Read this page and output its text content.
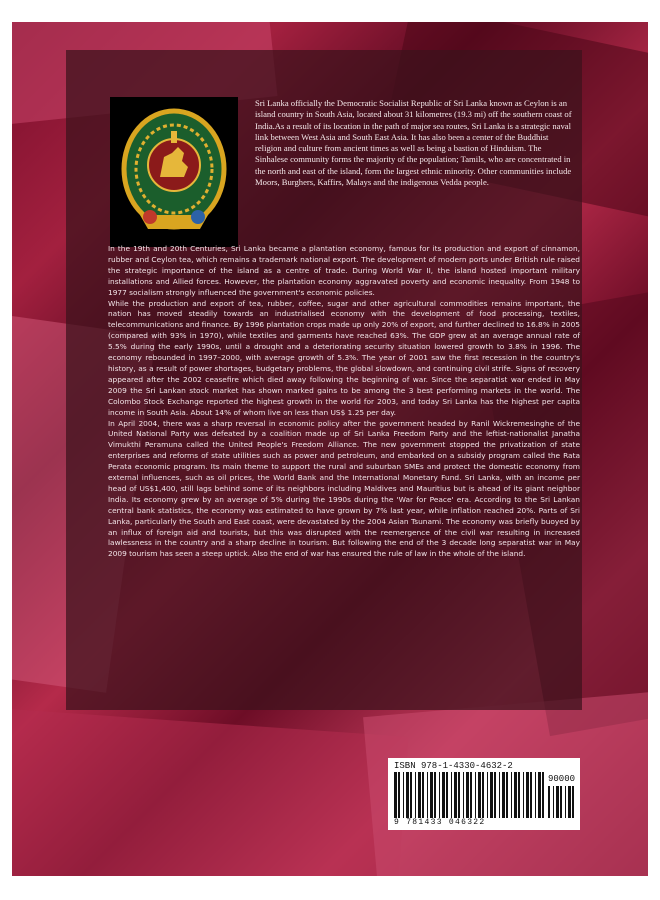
Sri Lanka officially the Democratic Socialist Republic of Sri Lanka known as Ceylon is an island country in South Asia, located about 31 kilometres (19.3 mi) off the southern coast of India.As a result of its location in the path of major sea routes, Sri Lanka is a strategic naval link between West Asia and South East Asia. It has also been a center of the Buddhist religion and culture from ancient times as well as being a bastion of Hinduism. The Sinhalese community forms the majority of the population; Tamils, who are concentrated in the north and east of the island, form the largest ethnic minority. Other communities include Moors, Burghers, Kaffirs, Malays and the indigenous Vedda people.

In the 19th and 20th Centuries, Sri Lanka became a plantation economy, famous for its production and export of cinnamon, rubber and Ceylon tea, which remains a trademark national export. The development of modern ports under British rule raised the strategic importance of the island as a centre of trade. During World War II, the island hosted important military installations and Allied forces. However, the plantation economy aggravated poverty and economic inequality. From 1948 to 1977 socialism strongly influenced the government's economic policies.

While the production and export of tea, rubber, coffee, sugar and other agricultural commodities remains important, the nation has moved steadily towards an industrialised economy with the development of food processing, textiles, telecommunications and finance. By 1996 plantation crops made up only 20% of export, and further declined to 16.8% in 2005 (compared with 93% in 1970), while textiles and garments have reached 63%. The GDP grew at an average annual rate of 5.5% during the early 1990s, until a drought and a deteriorating security situation lowered growth to 3.8% in 1996. The economy rebounded in 1997–2000, with average growth of 5.3%. The year of 2001 saw the first recession in the country's history, as a result of power shortages, budgetary problems, the global slowdown, and continuing civil strife. Signs of recovery appeared after the 2002 ceasefire which died away following the beginning of war. Since the separatist war ended in May 2009 the Sri Lankan stock market has shown marked gains to be among the 3 best performing markets in the world. The Colombo Stock Exchange reported the highest growth in the world for 2003, and today Sri Lanka has the highest per capita income in South Asia. About 14% of whom live on less than US$ 1.25 per day.

In April 2004, there was a sharp reversal in economic policy after the government headed by Ranil Wickremesinghe of the United National Party was defeated by a coalition made up of Sri Lanka Freedom Party and the leftist-nationalist Janatha Vimukthi Peramuna called the United People's Freedom Alliance. The new government stopped the privatization of state enterprises and reforms of state utilities such as power and petroleum, and embarked on a subsidy program called the Rata Perata economic program. Its main theme to support the rural and suburban SMEs and protect the domestic economy from external influences, such as oil prices, the World Bank and the International Monetary Fund. Sri Lanka, with an income per head of US$1,400, still lags behind some of its neighbors including Maldives and Mauritius but is ahead of its giant neighbor India. Its economy grew by an average of 5% during the 1990s during the 'War for Peace' era. According to the Sri Lankan central bank statistics, the economy was estimated to have grown by 7% last year, while inflation reached 20%. Parts of Sri Lanka, particularly the South and East coast, were devastated by the 2004 Asian Tsunami. The economy was briefly buoyed by an influx of foreign aid and tourists, but this was disrupted with the reemergence of the civil war resulting in increased lawlessness in the country and a sharp decline in tourism. But following the end of the 3 decade long separatist war in May 2009 tourism has seen a steep uptick. Also the end of war has ensured the rule of law in the whole of the island.

ISBN 978-1-4330-4632-2
90000
9 781433 046322
